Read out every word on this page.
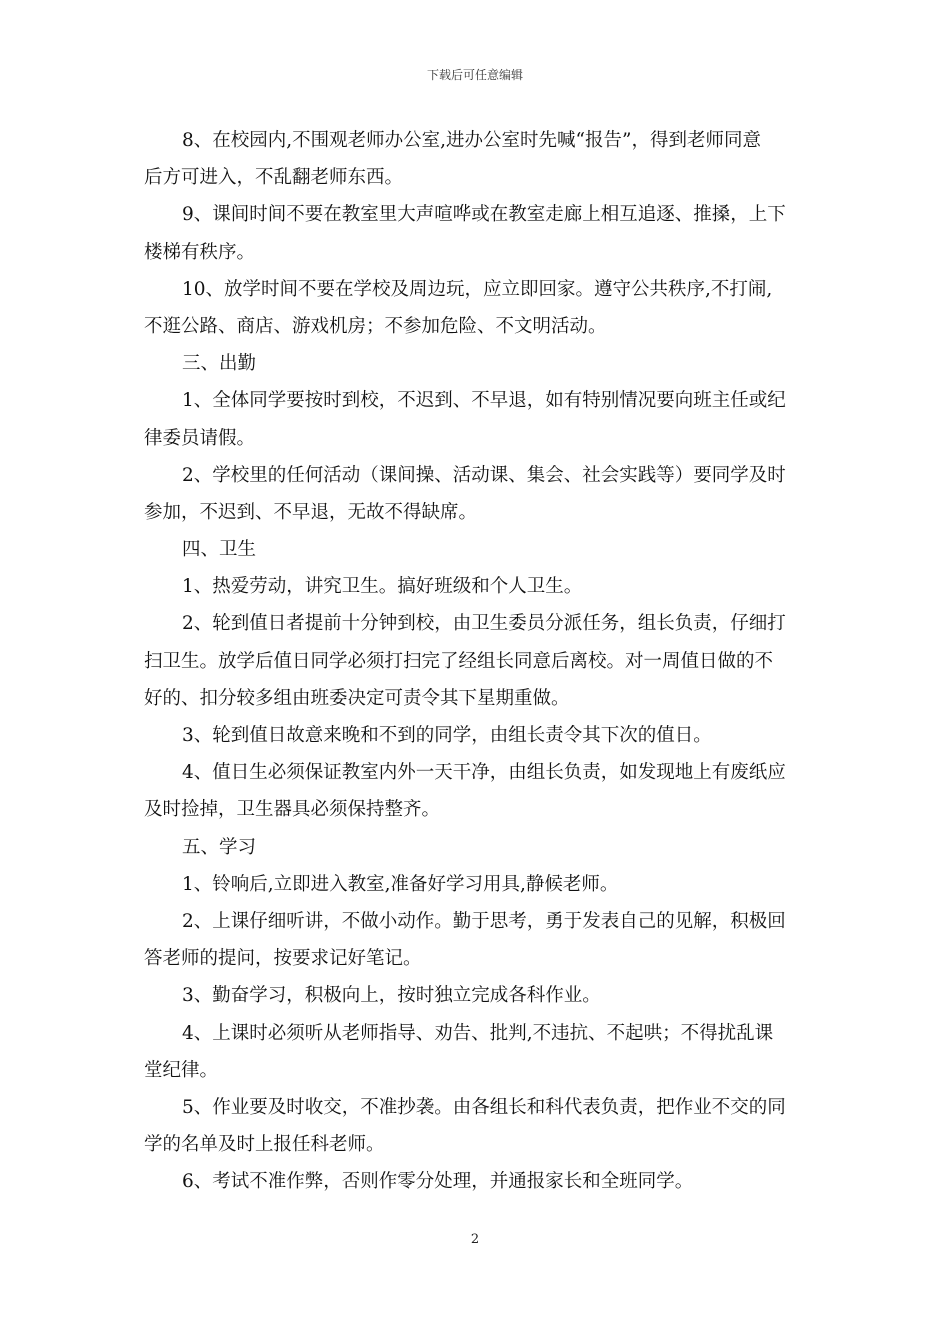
下载后可任意编辑
8、在校园内,不围观老师办公室,进办公室时先喊“报告”，得到老师同意
后方可进入，不乱翻老师东西。
9、课间时间不要在教室里大声喧哗或在教室走廊上相互追逐、推搡，上下
楼梯有秩序。
10、放学时间不要在学校及周边玩，应立即回家。遵守公共秩序,不打闹,
不逛公路、商店、游戏机房；不参加危险、不文明活动。
三、出勤
1、全体同学要按时到校，不迟到、不早退，如有特别情况要向班主任或纪
律委员请假。
2、学校里的任何活动（课间操、活动课、集会、社会实践等）要同学及时
参加，不迟到、不早退，无故不得缺席。
四、卫生
1、热爱劳动，讲究卫生。搞好班级和个人卫生。
2、轮到值日者提前十分钟到校，由卫生委员分派任务，组长负责，仔细打
扫卫生。放学后值日同学必须打扫完了经组长同意后离校。对一周值日做的不
好的、扣分较多组由班委决定可责令其下星期重做。
3、轮到值日故意来晚和不到的同学，由组长责令其下次的值日。
4、值日生必须保证教室内外一天干净，由组长负责，如发现地上有废纸应
及时捡掉，卫生器具必须保持整齐。
五、学习
1、铃响后,立即进入教室,准备好学习用具,静候老师。
2、上课仔细听讲，不做小动作。勤于思考，勇于发表自己的见解，积极回
答老师的提问，按要求记好笔记。
3、勤奋学习，积极向上，按时独立完成各科作业。
4、上课时必须听从老师指导、劝告、批判,不违抗、不起哄；不得扰乱课
堂纪律。
5、作业要及时收交，不准抄袭。由各组长和科代表负责，把作业不交的同
学的名单及时上报任科老师。
6、考试不准作弊，否则作零分处理，并通报家长和全班同学。
2
